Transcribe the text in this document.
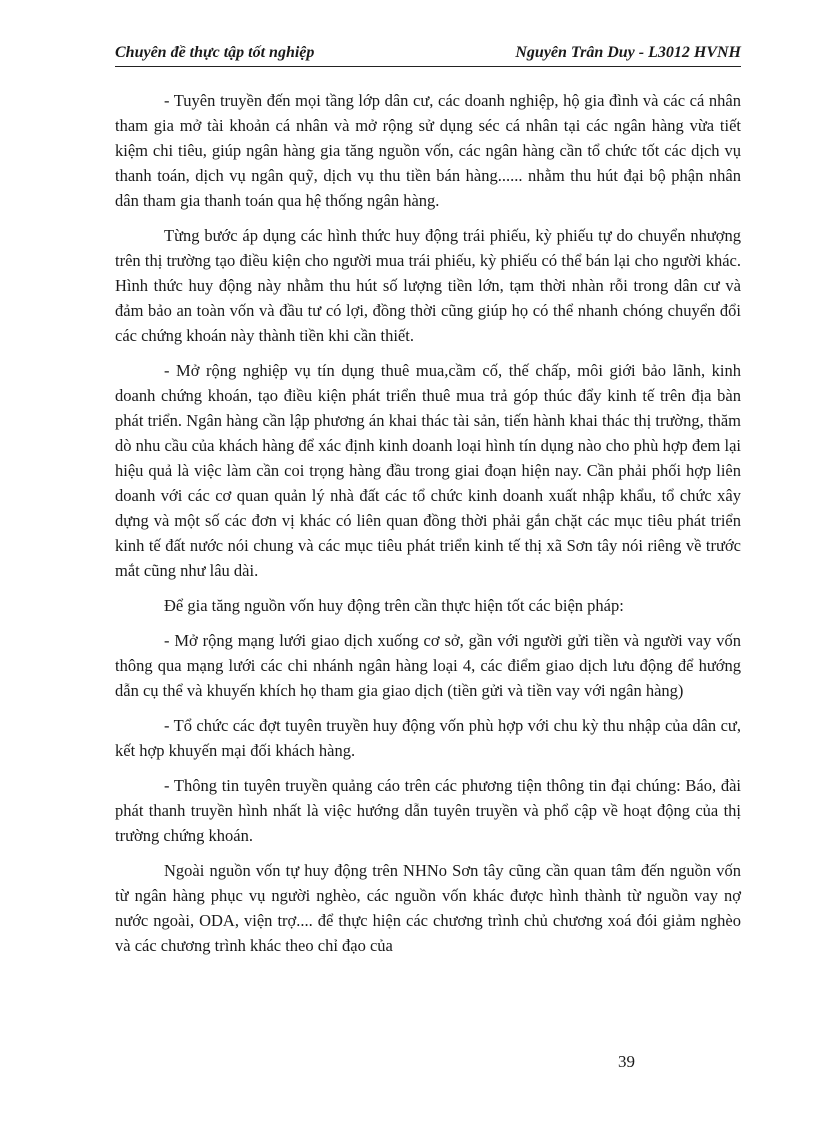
Chuyên đề thực tập tốt nghiệp	Nguyên Trân Duy - L3012 HVNH

- Tuyên truyền đến mọi tầng lớp dân cư, các doanh nghiệp, hộ gia đình và các cá nhân tham gia mở tài khoản cá nhân và mở rộng sử dụng séc cá nhân tại các ngân hàng vừa tiết kiệm chi tiêu, giúp ngân hàng gia tăng nguồn vốn, các ngân hàng cần tổ chức tốt các dịch vụ thanh toán, dịch vụ ngân quỹ, dịch vụ thu tiền bán hàng...... nhằm thu hút đại bộ phận nhân dân tham gia thanh toán qua hệ thống ngân hàng.

Từng bước áp dụng các hình thức huy động trái phiếu, kỳ phiếu tự do chuyển nhượng trên thị trường tạo điều kiện cho người mua trái phiếu, kỳ phiếu có thể bán lại cho người khác. Hình thức huy động này nhằm thu hút số lượng tiền lớn, tạm thời nhàn rỗi trong dân cư và đảm bảo an toàn vốn và đầu tư có lợi, đồng thời cũng giúp họ có thể nhanh chóng chuyển đổi các chứng khoán này thành tiền khi cần thiết.

- Mở rộng nghiệp vụ tín dụng thuê mua,cầm cố, thế chấp, môi giới bảo lãnh, kinh doanh chứng khoán, tạo điều kiện phát triển thuê mua trả góp thúc đẩy kinh tế trên địa bàn phát triển. Ngân hàng cần lập phương án khai thác tài sản, tiến hành khai thác thị trường, thăm dò nhu cầu của khách hàng để xác định kinh doanh loại hình tín dụng nào cho phù hợp đem lại hiệu quả là việc làm cần coi trọng hàng đầu trong giai đoạn hiện nay. Cần phải phối hợp liên doanh với các cơ quan quản lý nhà đất các tổ chức kinh doanh xuất nhập khẩu, tổ chức xây dựng và một số các đơn vị khác có liên quan đồng thời phải gắn chặt các mục tiêu phát triển kinh tế đất nước nói chung và các mục tiêu phát triển kinh tế thị xã Sơn tây nói riêng về trước mắt cũng như lâu dài.

Để gia tăng nguồn vốn huy động trên cần thực hiện tốt các biện pháp:

- Mở rộng mạng lưới giao dịch xuống cơ sở, gần với người gửi tiền và người vay vốn thông qua mạng lưới các chi nhánh ngân hàng loại 4, các điểm giao dịch lưu động để hướng dẫn cụ thể và khuyến khích họ tham gia giao dịch (tiền gửi và tiền vay với ngân hàng)

- Tổ chức các đợt tuyên truyền huy động vốn phù hợp với chu kỳ thu nhập của dân cư, kết hợp khuyến mại đối khách hàng.

- Thông tin tuyên truyền quảng cáo trên các phương tiện thông tin đại chúng: Báo, đài phát thanh truyền hình nhất là việc hướng dẫn tuyên truyền và phổ cập về hoạt động của thị trường chứng khoán.

Ngoài nguồn vốn tự huy động trên NHNo Sơn tây cũng cần quan tâm đến nguồn vốn từ ngân hàng phục vụ người nghèo, các nguồn vốn khác được hình thành từ nguồn vay nợ nước ngoài, ODA, viện trợ.... để thực hiện các chương trình chủ chương xoá đói giảm nghèo và các chương trình khác theo chỉ đạo của

39
